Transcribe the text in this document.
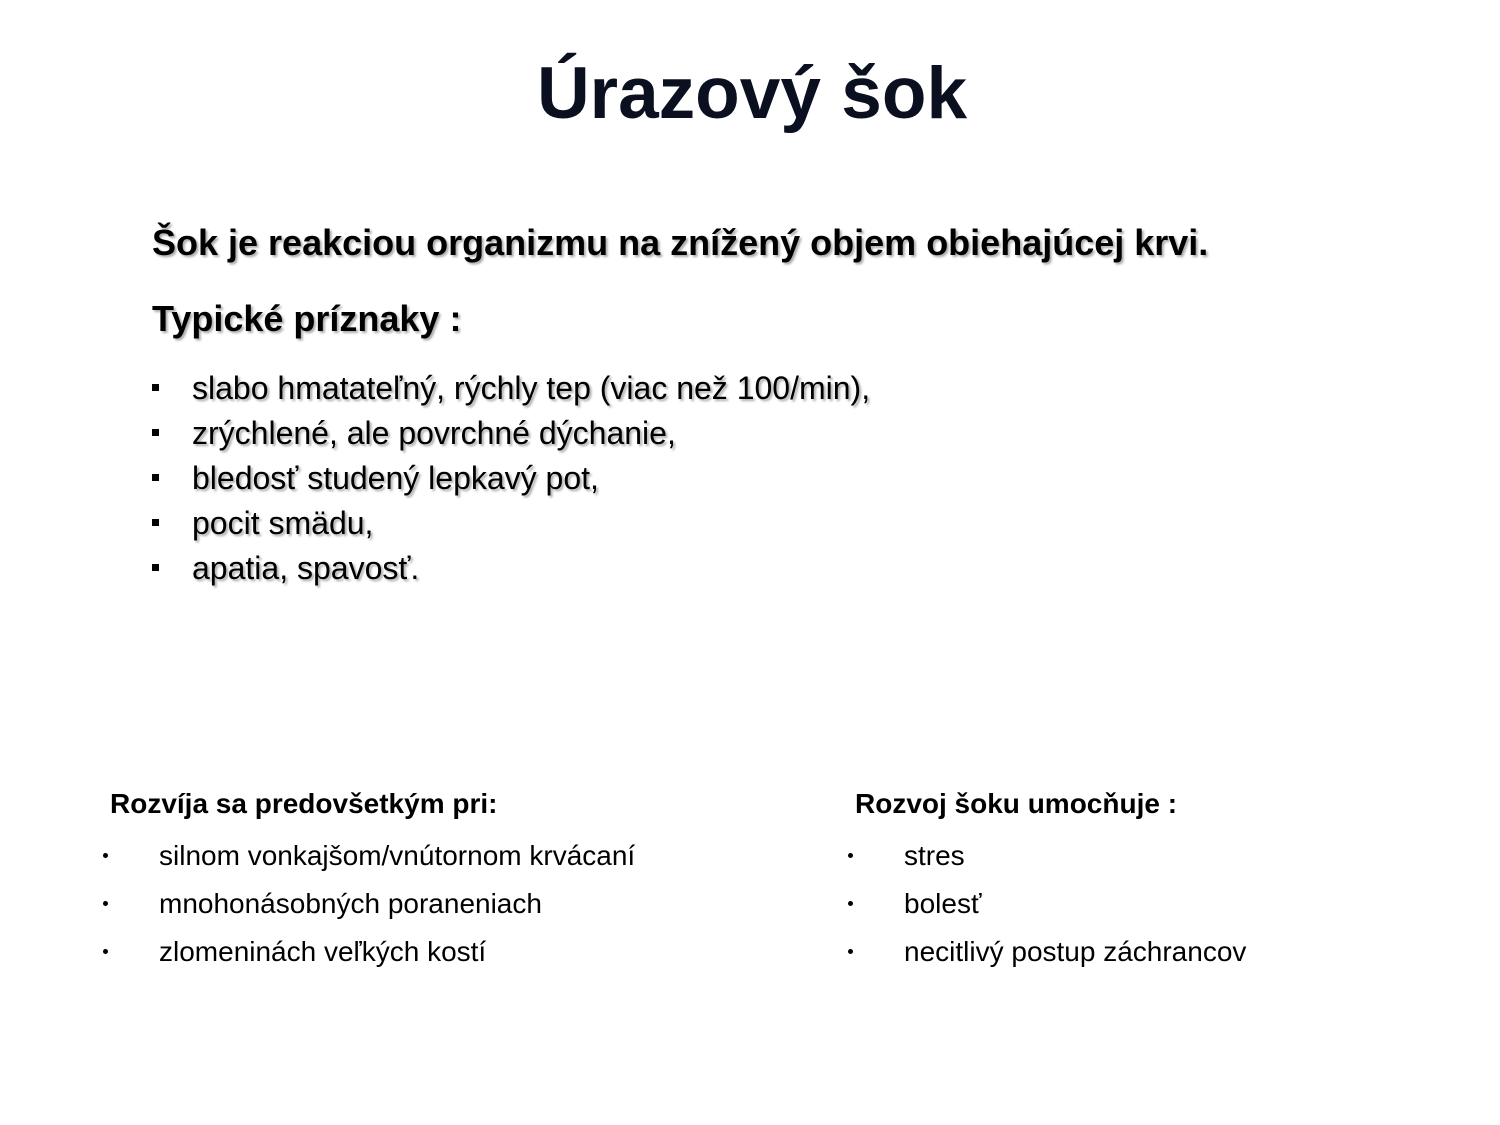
Úrazový šok
Šok je reakciou organizmu na znížený objem obiehajúcej krvi.
Typické príznaky :
slabo hmatateľný, rýchly tep (viac než 100/min),
zrýchlené, ale povrchné dýchanie,
bledosť studený lepkavý pot,
pocit smädu,
apatia, spavosť.
Rozvíja sa predovšetkým pri:
silnom vonkajšom/vnútornom krvácaní
mnohonásobných poraneniach
zlomeninách veľkých kostí
Rozvoj šoku umocňuje :
stres
bolesť
necitlivý postup záchrancov
